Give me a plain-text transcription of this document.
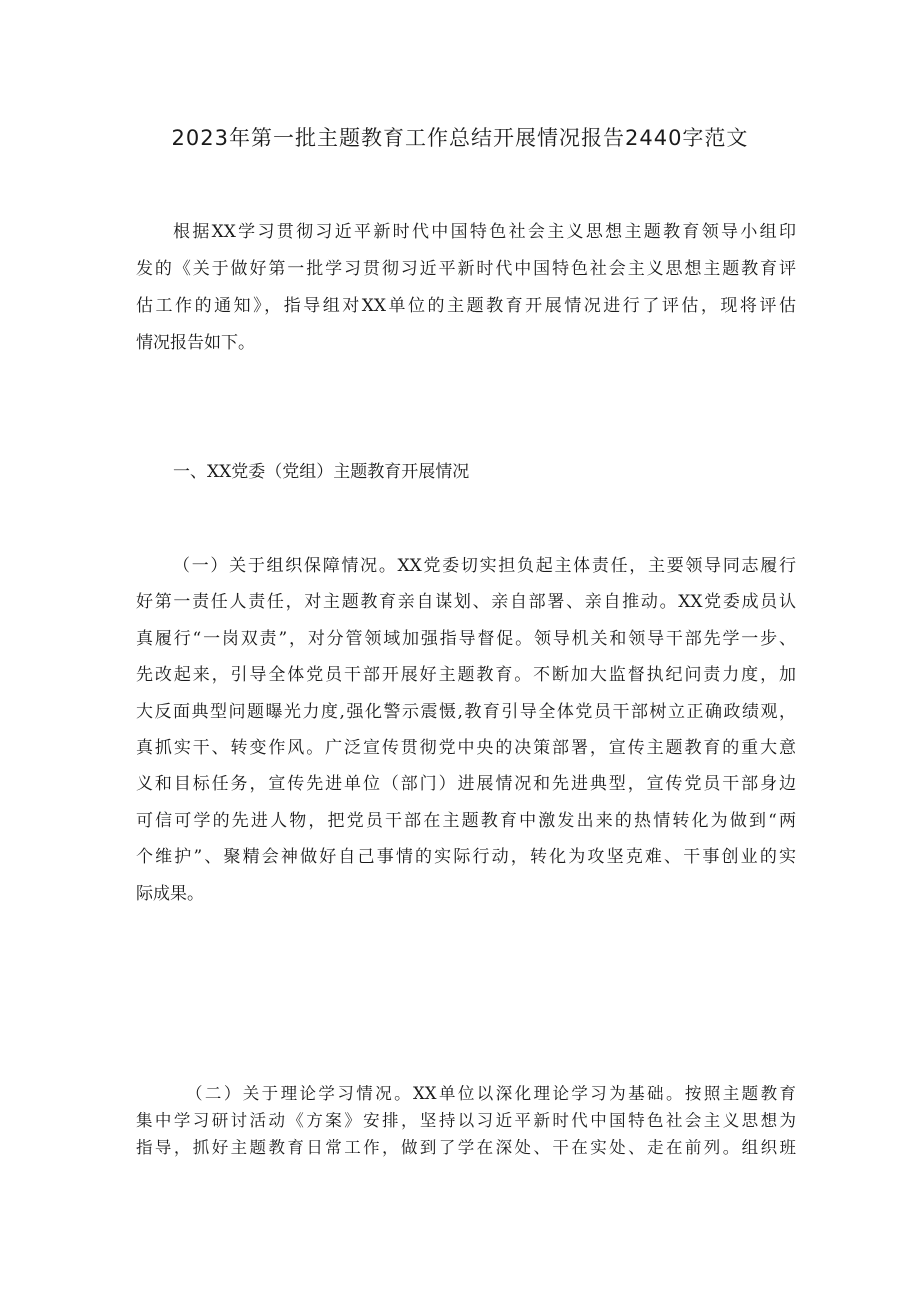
2023年第一批主题教育工作总结开展情况报告2440字范文
根据XX学习贯彻习近平新时代中国特色社会主义思想主题教育领导小组印
发的《关于做好第一批学习贯彻习近平新时代中国特色社会主义思想主题教育评
估工作的通知》，指导组对XX单位的主题教育开展情况进行了评估，现将评估
情况报告如下。
一、XX党委（党组）主题教育开展情况
（一）关于组织保障情况。XX党委切实担负起主体责任，主要领导同志履行
好第一责任人责任，对主题教育亲自谋划、亲自部署、亲自推动。XX党委成员认
真履行“一岗双责”，对分管领域加强指导督促。领导机关和领导干部先学一步、
先改起来，引导全体党员干部开展好主题教育。不断加大监督执纪问责力度，加
大反面典型问题曝光力度,强化警示震慑,教育引导全体党员干部树立正确政绩观，
真抓实干、转变作风。广泛宣传贯彻党中央的决策部署，宣传主题教育的重大意
义和目标任务，宣传先进单位（部门）进展情况和先进典型，宣传党员干部身边
可信可学的先进人物，把党员干部在主题教育中激发出来的热情转化为做到“两
个维护”、聚精会神做好自己事情的实际行动，转化为攻坚克难、干事创业的实
际成果。
（二）关于理论学习情况。XX单位以深化理论学习为基础。按照主题教育
集中学习研讨活动《方案》安排，坚持以习近平新时代中国特色社会主义思想为
指导，抓好主题教育日常工作，做到了学在深处、干在实处、走在前列。组织班
